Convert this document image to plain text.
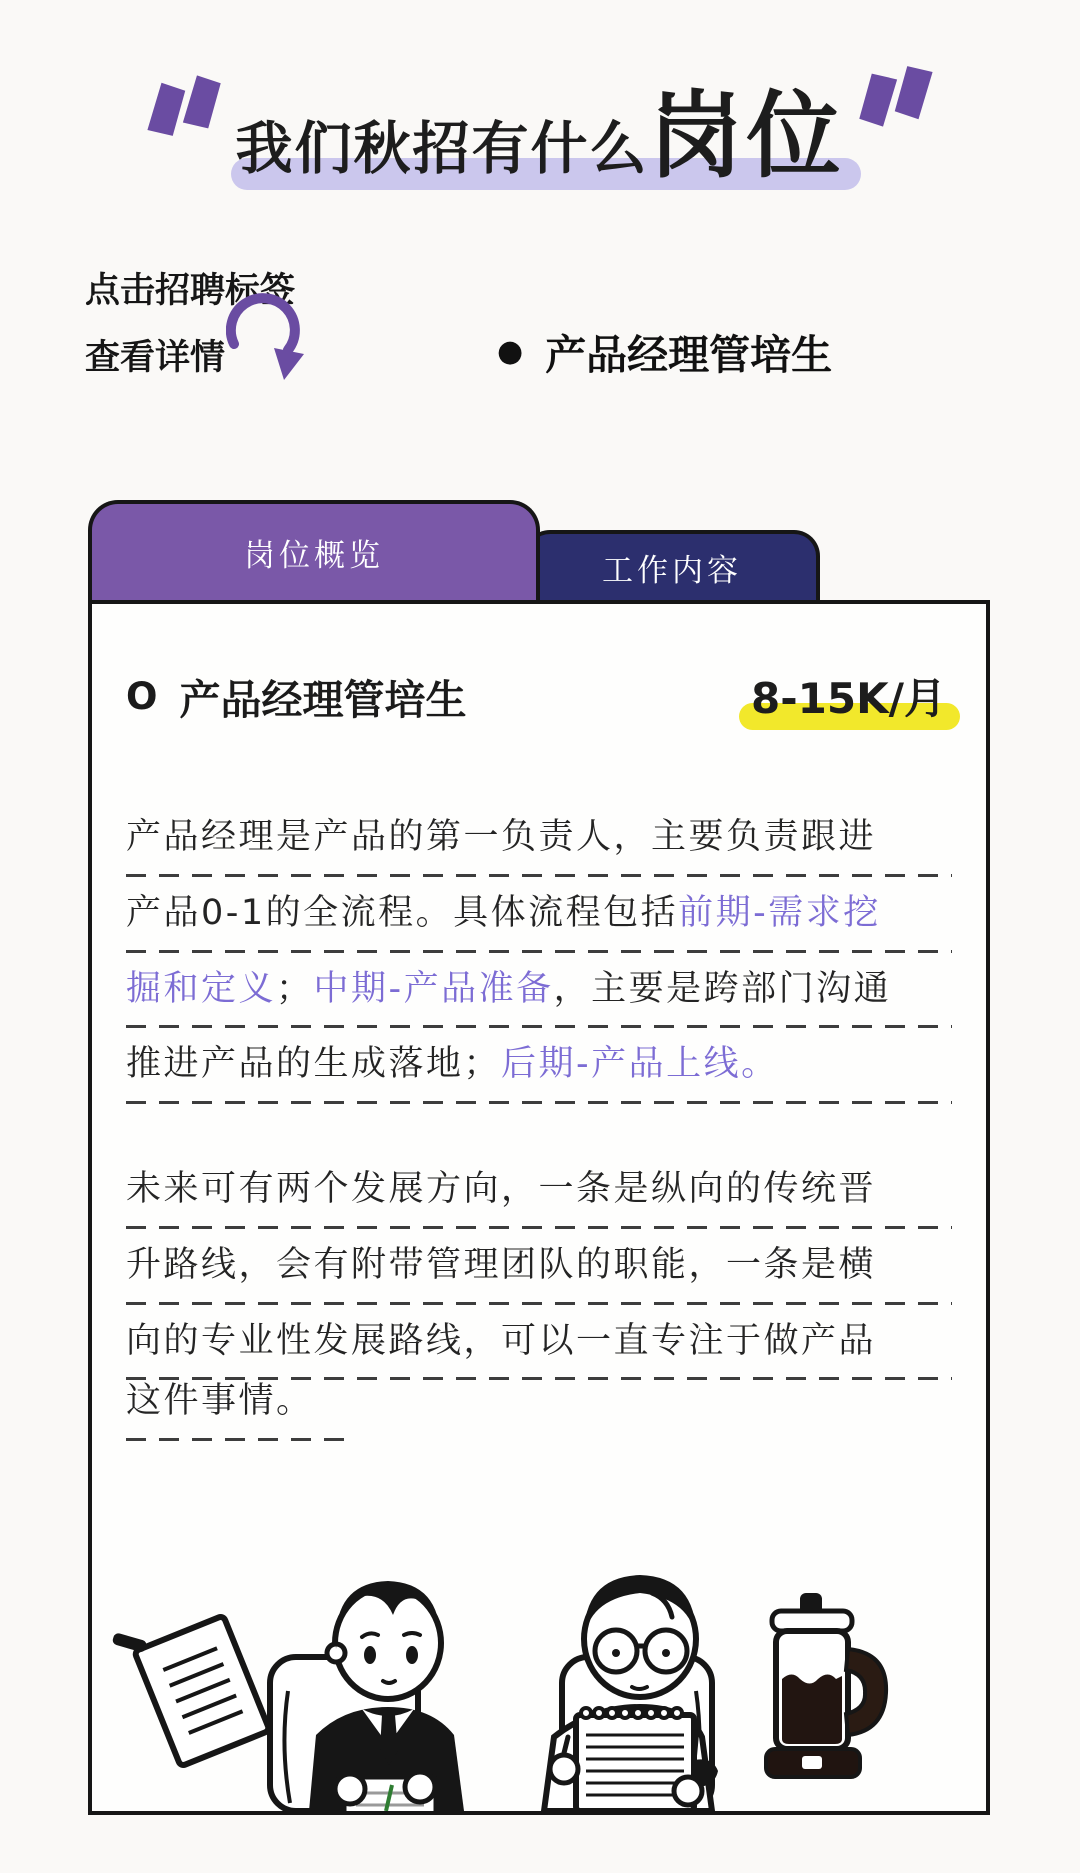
我们秋招有什么岗位
点击招聘标签
查看详情	● 产品经理管培生
岗位概览	工作内容
O 产品经理管培生	8-15K/月
产品经理是产品的第一负责人，主要负责跟进
产品0-1的全流程。具体流程包括前期-需求挖
掘和定义；中期-产品准备，主要是跨部门沟通
推进产品的生成落地；后期-产品上线。
未来可有两个发展方向，一条是纵向的传统晋
升路线，会有附带管理团队的职能，一条是横
向的专业性发展路线，可以一直专注于做产品
这件事情。
